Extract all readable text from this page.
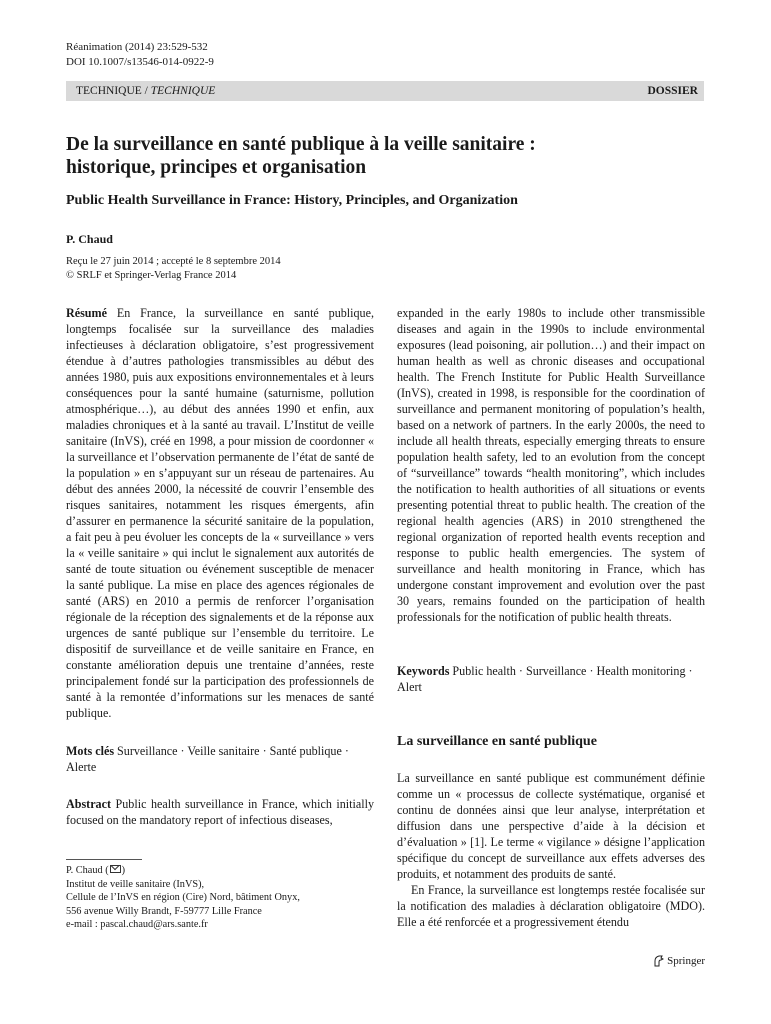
Réanimation (2014) 23:529-532
DOI 10.1007/s13546-014-0922-9
TECHNIQUE / TECHNIQUE	DOSSIER
De la surveillance en santé publique à la veille sanitaire :
historique, principes et organisation
Public Health Surveillance in France: History, Principles, and Organization
P. Chaud
Reçu le 27 juin 2014 ; accepté le 8 septembre 2014
© SRLF et Springer-Verlag France 2014

Résumé En France, la surveillance en santé publique, longtemps focalisée sur la surveillance des maladies infectieuses à déclaration obligatoire, s’est progressivement étendue à d’autres pathologies transmissibles au début des années 1980, puis aux expositions environnementales et à leurs conséquences pour la santé humaine (saturnisme, pollution atmosphérique…), au début des années 1990 et enfin, aux maladies chroniques et à la santé au travail. L’Institut de veille sanitaire (InVS), créé en 1998, a pour mission de coordonner « la surveillance et l’observation permanente de l’état de santé de la population » en s’appuyant sur un réseau de partenaires. Au début des années 2000, la nécessité de couvrir l’ensemble des risques sanitaires, notamment les risques émergents, afin d’assurer en permanence la sécurité sanitaire de la population, a fait peu à peu évoluer les concepts de la « surveillance » vers la « veille sanitaire » qui inclut le signalement aux autorités de santé de toute situation ou événement susceptible de menacer la santé publique. La mise en place des agences régionales de santé (ARS) en 2010 a permis de renforcer l’organisation régionale de la réception des signalements et de la réponse aux urgences de santé publique sur l’ensemble du territoire. Le dispositif de surveillance et de veille sanitaire en France, en constante amélioration depuis une trentaine d’années, reste principalement fondé sur la participation des professionnels de santé à la remontée d’informations sur les menaces de santé publique.

Mots clés Surveillance · Veille sanitaire · Santé publique · Alerte

Abstract Public health surveillance in France, which initially focused on the mandatory report of infectious diseases,

expanded in the early 1980s to include other transmissible diseases and again in the 1990s to include environmental exposures (lead poisoning, air pollution…) and their impact on human health as well as chronic diseases and occupational health. The French Institute for Public Health Surveillance (InVS), created in 1998, is responsible for the coordination of surveillance and permanent monitoring of population’s health, based on a network of partners. In the early 2000s, the need to include all health threats, especially emerging threats to ensure population health safety, led to an evolution from the concept of “surveillance” towards “health monitoring”, which includes the notification to health authorities of all situations or events presenting potential threat to public health. The creation of the regional health agencies (ARS) in 2010 strengthened the regional organization of reported health events reception and response to public health emergencies. The system of surveillance and health monitoring in France, which has undergone constant improvement and evolution over the past 30 years, remains founded on the participation of health professionals for the notification of public health threats.

Keywords Public health · Surveillance · Health monitoring · Alert

La surveillance en santé publique

La surveillance en santé publique est communément définie comme un « processus de collecte systématique, organisé et continu de données ainsi que leur analyse, interprétation et diffusion dans une perspective d’aide à la décision et d’évaluation » [1]. Le terme « vigilance » désigne l’application spécifique du concept de surveillance aux effets adverses des produits, et notamment des produits de santé.

En France, la surveillance est longtemps restée focalisée sur la notification des maladies à déclaration obligatoire (MDO). Elle a été renforcée et a progressivement étendu

P. Chaud ( )
Institut de veille sanitaire (InVS),
Cellule de l’InVS en région (Cire) Nord, bâtiment Onyx,
556 avenue Willy Brandt, F-59777 Lille France
e-mail : pascal.chaud@ars.sante.fr
Springer
